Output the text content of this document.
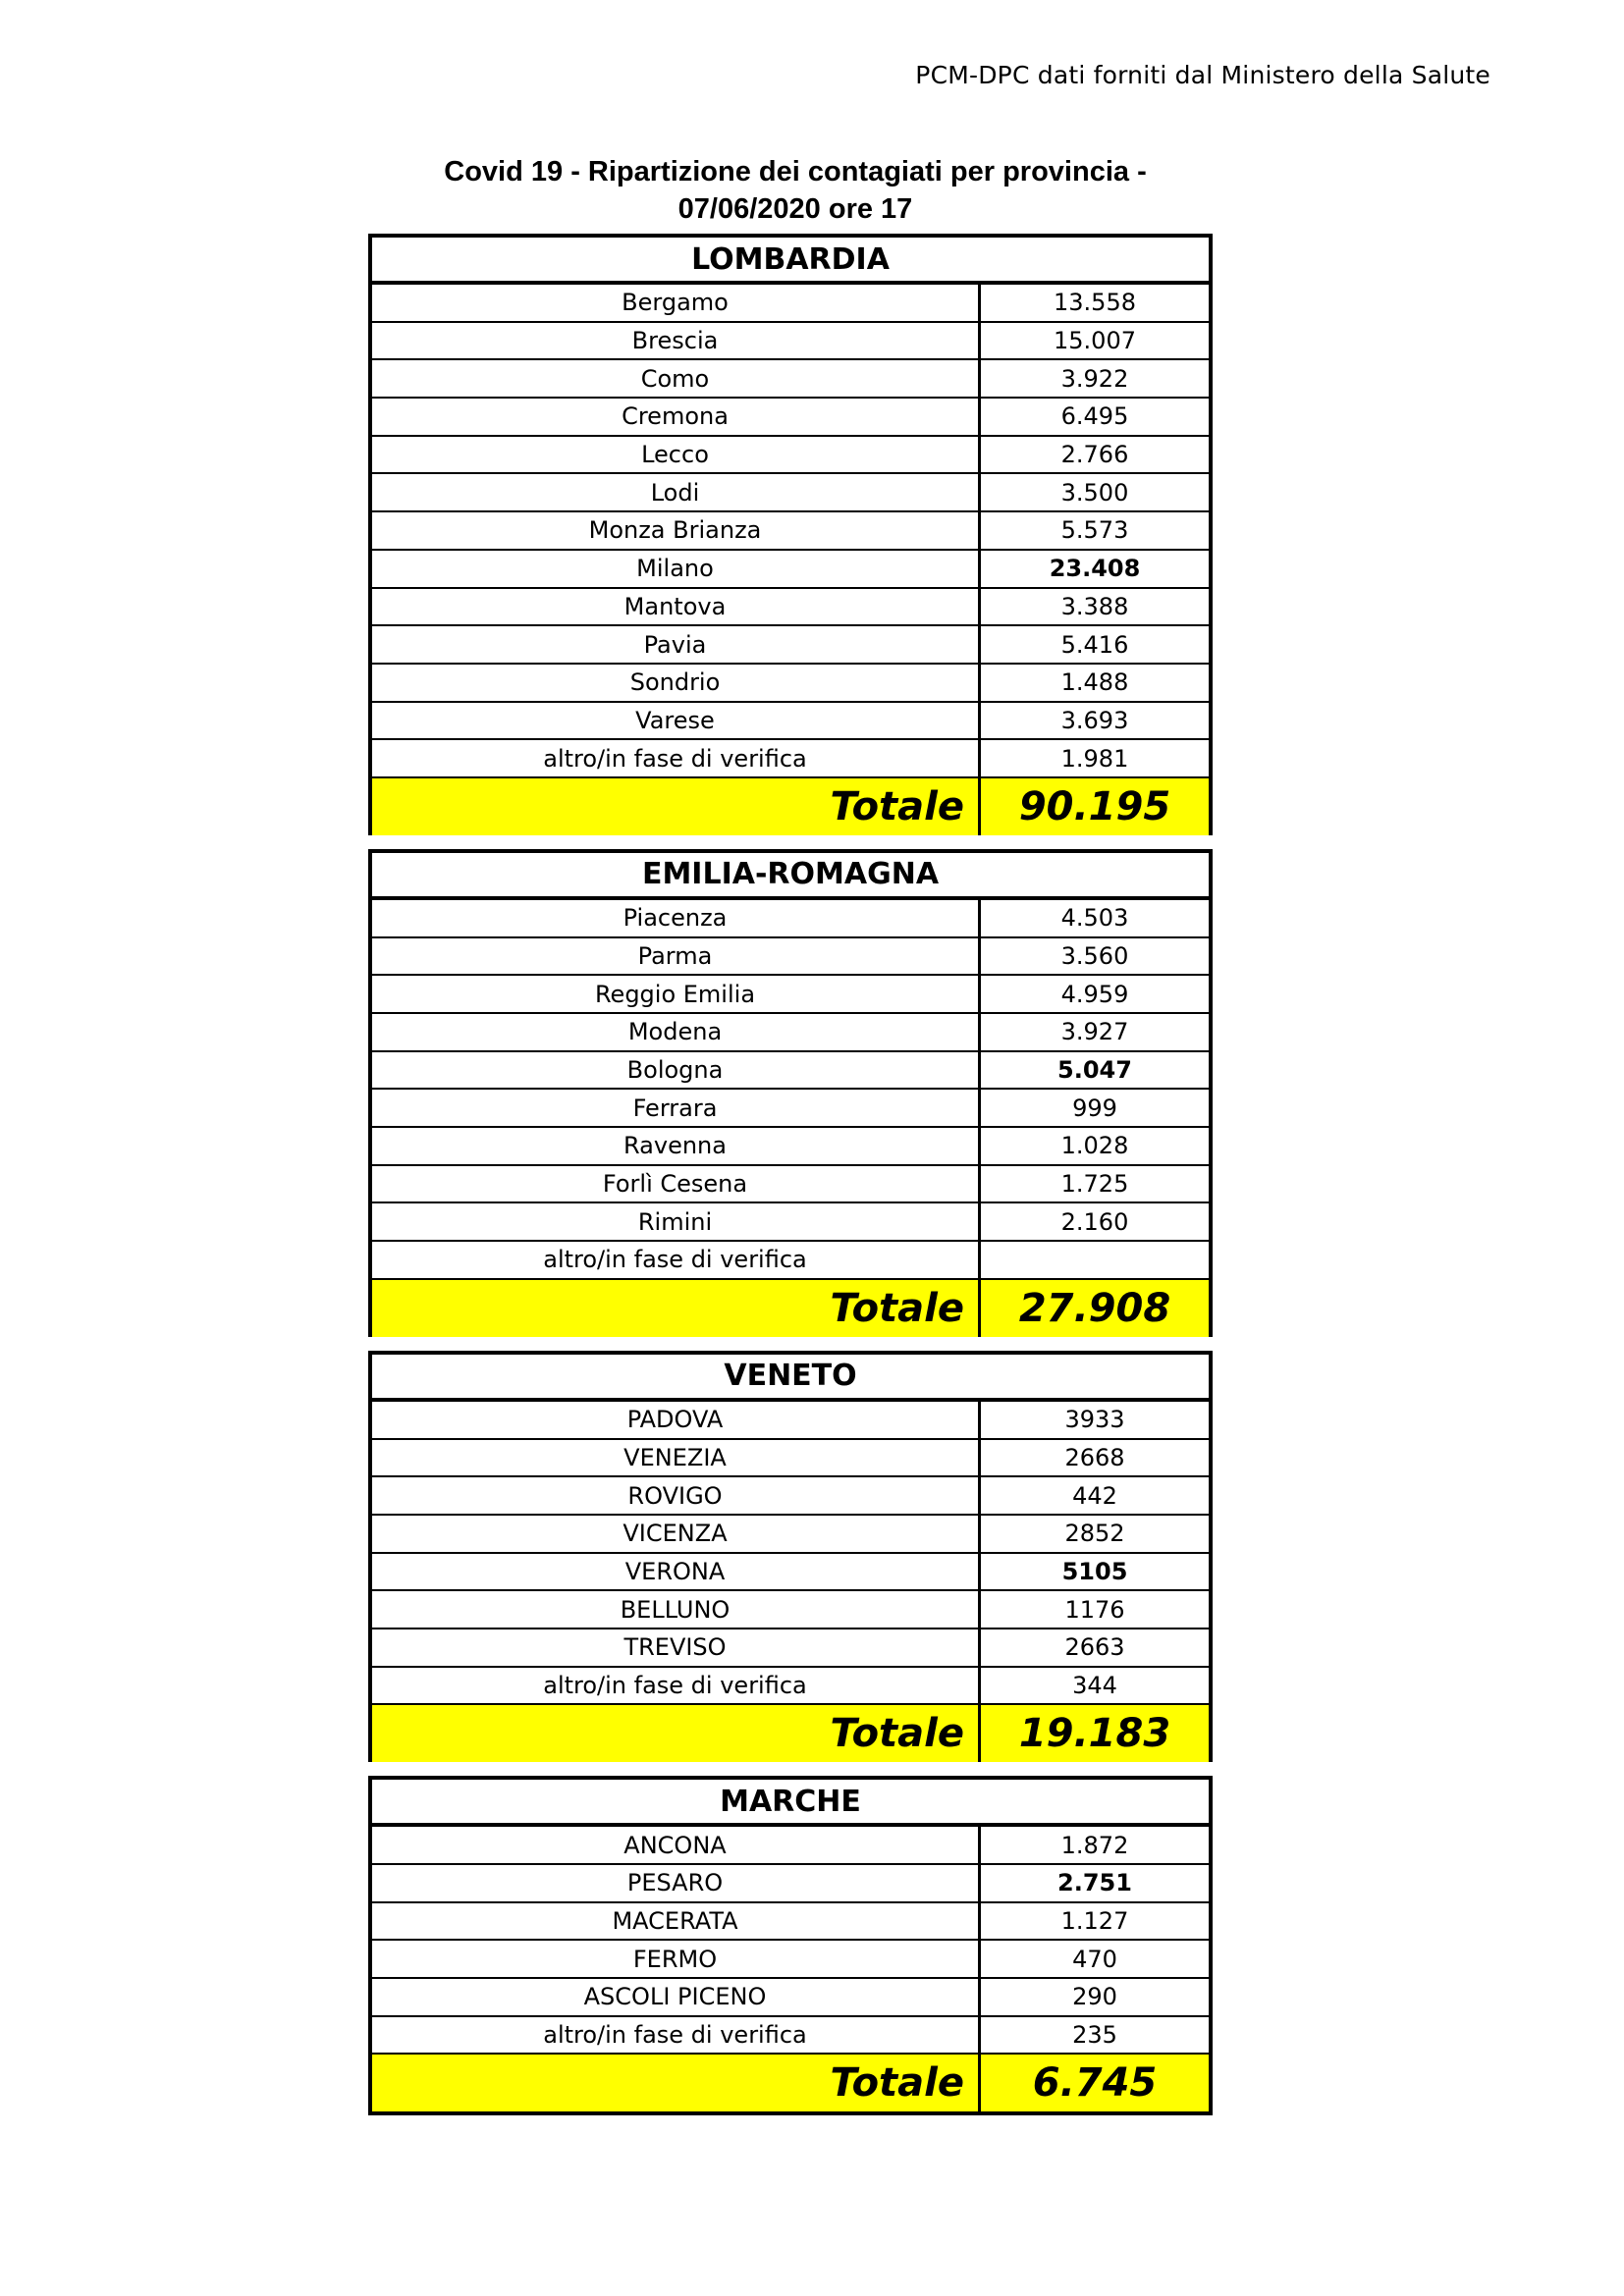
PCM-DPC dati forniti dal Ministero della Salute
Covid 19 - Ripartizione dei contagiati per provincia -
07/06/2020 ore 17
LOMBARDIA
Bergamo	13.558
Brescia	15.007
Como	3.922
Cremona	6.495
Lecco	2.766
Lodi	3.500
Monza Brianza	5.573
Milano	23.408
Mantova	3.388
Pavia	5.416
Sondrio	1.488
Varese	3.693
altro/in fase di verifica	1.981
Totale	90.195
EMILIA-ROMAGNA
Piacenza	4.503
Parma	3.560
Reggio Emilia	4.959
Modena	3.927
Bologna	5.047
Ferrara	999
Ravenna	1.028
Forlì Cesena	1.725
Rimini	2.160
altro/in fase di verifica
Totale	27.908
VENETO
PADOVA	3933
VENEZIA	2668
ROVIGO	442
VICENZA	2852
VERONA	5105
BELLUNO	1176
TREVISO	2663
altro/in fase di verifica	344
Totale	19.183
MARCHE
ANCONA	1.872
PESARO	2.751
MACERATA	1.127
FERMO	470
ASCOLI PICENO	290
altro/in fase di verifica	235
Totale	6.745
